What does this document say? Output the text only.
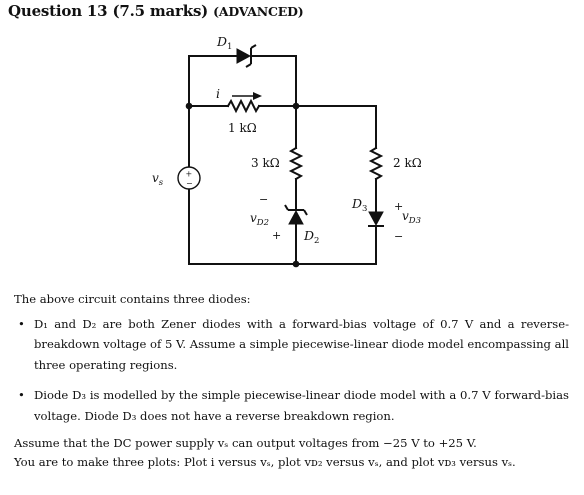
Question 13 (7.5 marks) (ADVANCED)
+
−
$v_s$
$D_1$
i
1 kΩ
3 kΩ	2 kΩ
$D_2$
$D_3$
−
$v_{D2}$
+
+
$v_{D3}$
−

The above circuit contains three diodes:

• D₁ and D₂ are both Zener diodes with a forward-bias voltage of 0.7 V and a reverse-breakdown voltage of 5 V. Assume a simple piecewise-linear diode model encompassing all three operating regions.
• Diode D₃ is modelled by the simple piecewise-linear diode model with a 0.7 V forward-bias voltage. Diode D₃ does not have a reverse breakdown region.

Assume that the DC power supply vₛ can output voltages from −25 V to +25 V.

You are to make three plots: Plot i versus vₛ, plot vᴅ₂ versus vₛ, and plot vᴅ₃ versus vₛ.
